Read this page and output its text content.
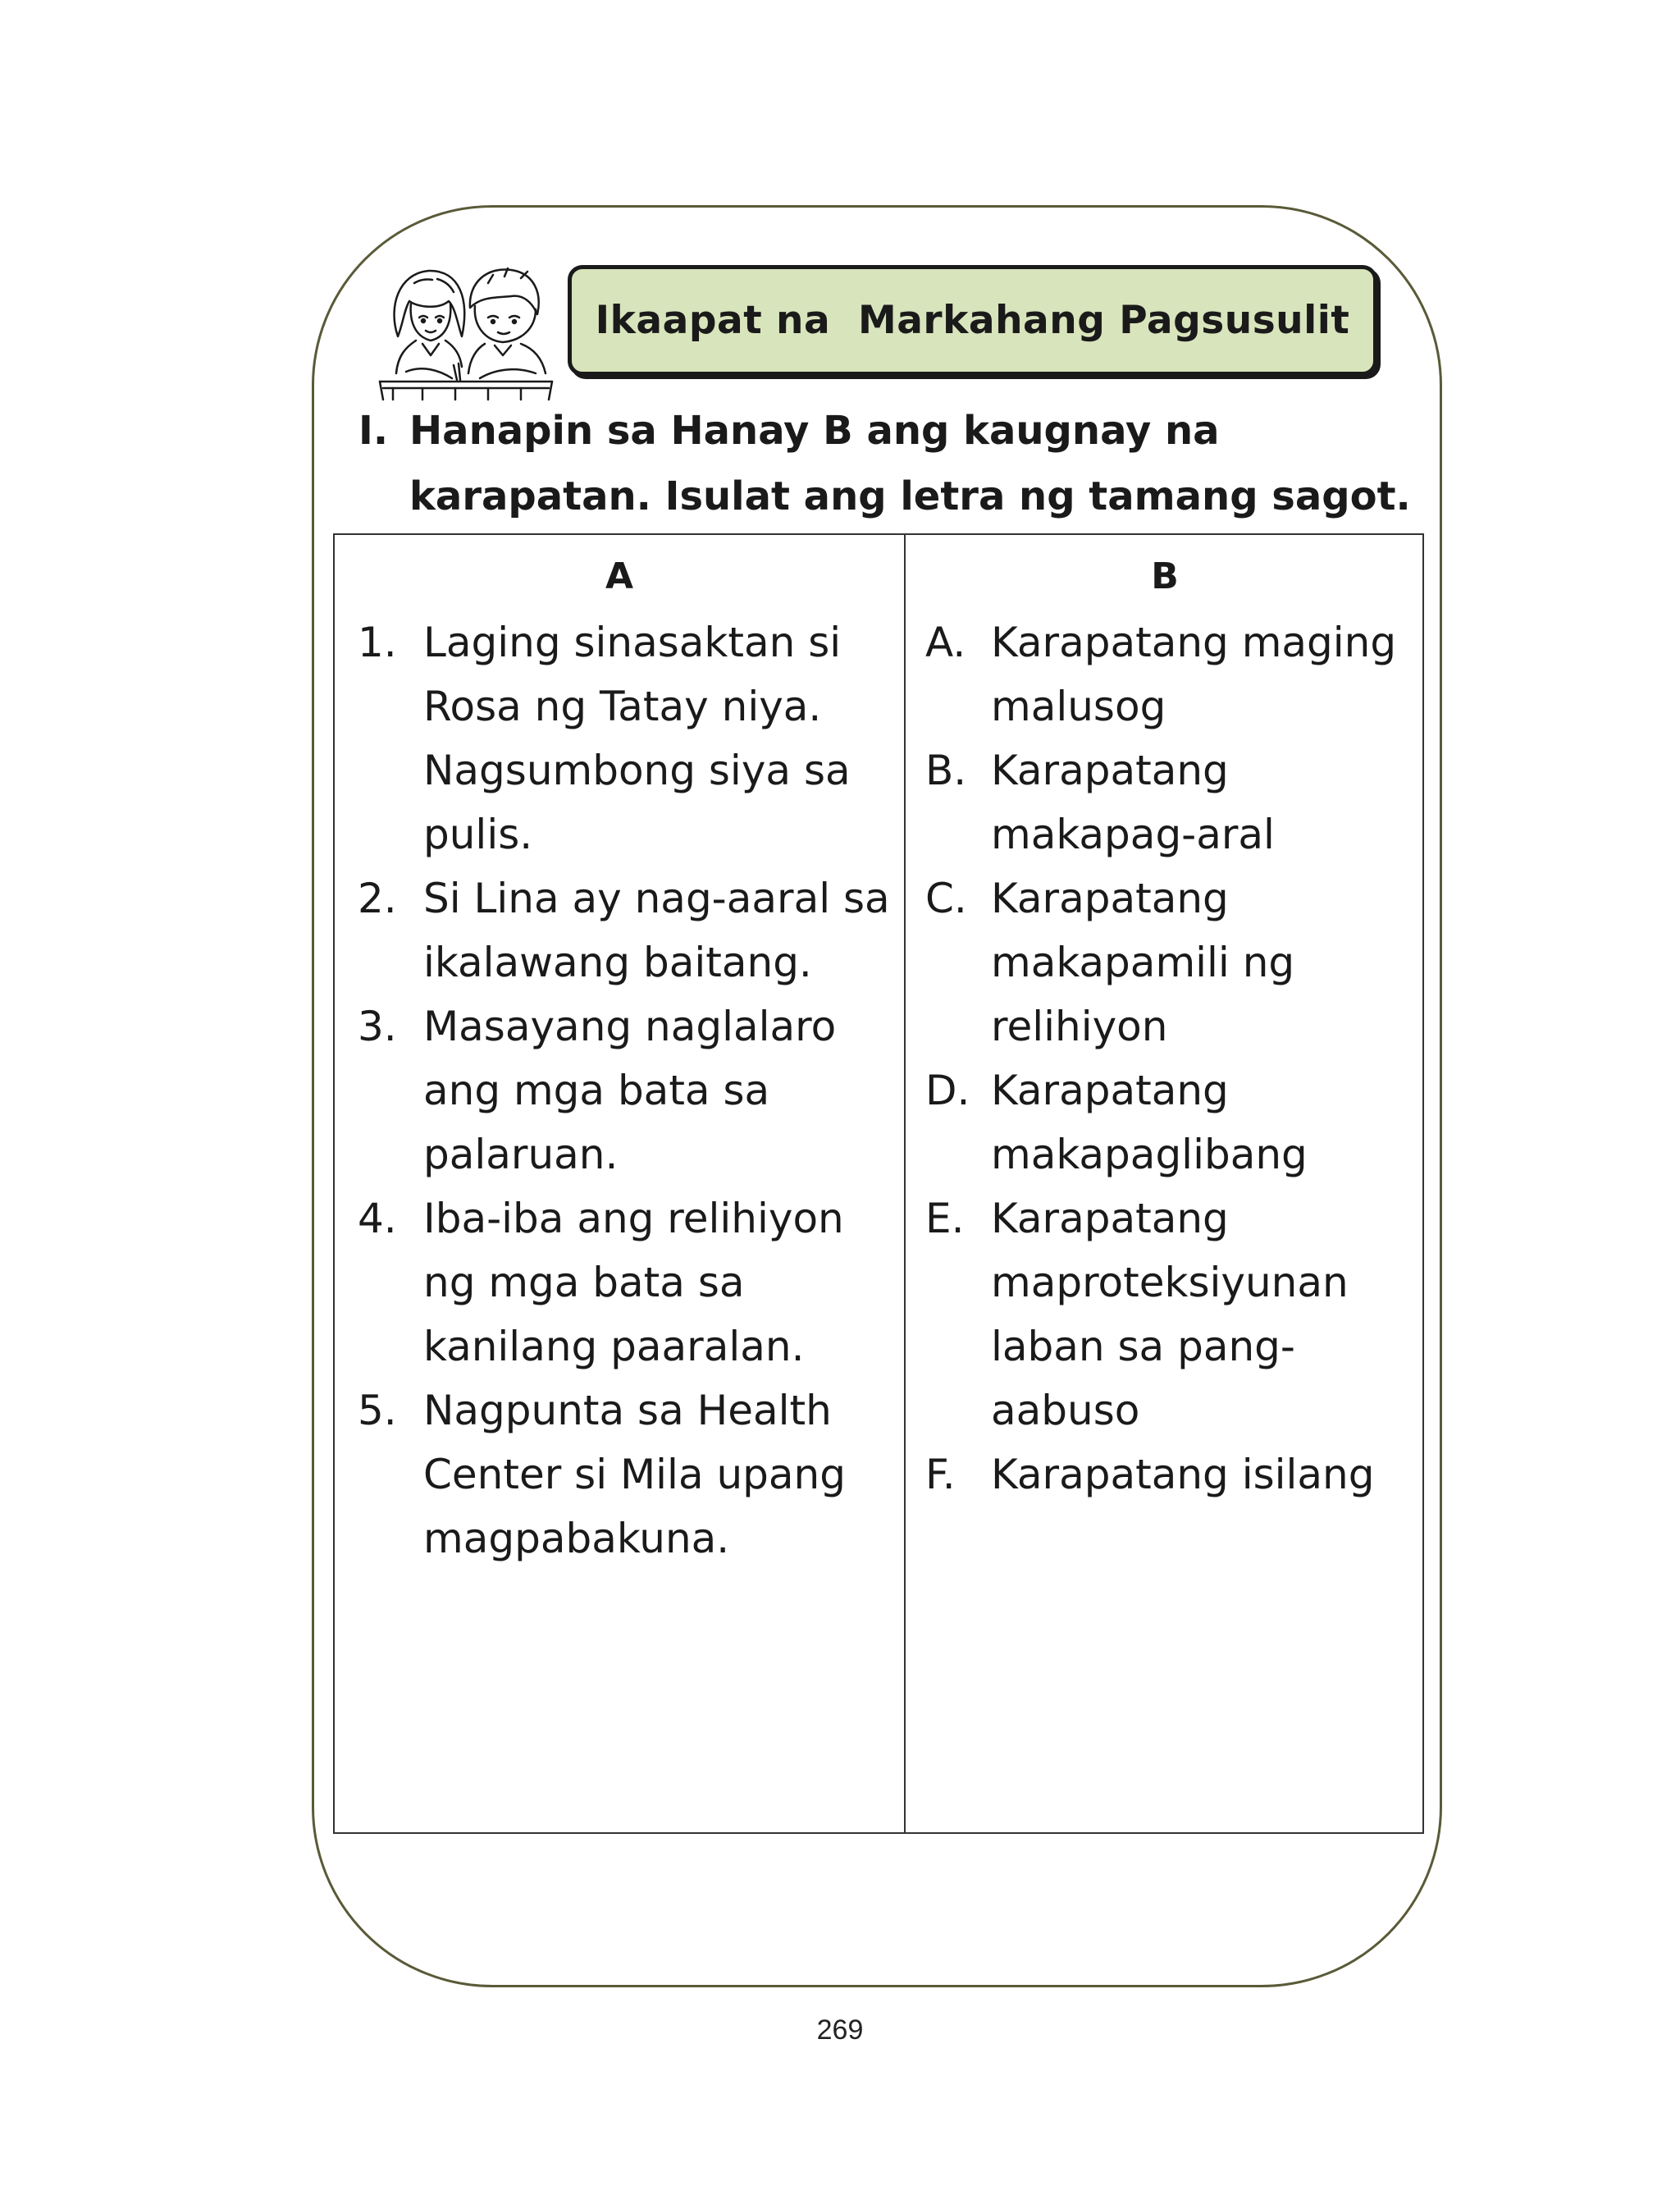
Ikaapat na  Markahang Pagsusulit
I. Hanapin sa Hanay B ang kaugnay na karapatan. Isulat ang letra ng tamang sagot.
A	B
1. Laging sinasaktan si Rosa ng Tatay niya. Nagsumbong siya sa pulis.
2. Si Lina ay nag-aaral sa ikalawang baitang.
3. Masayang naglalaro ang mga bata sa palaruan.
4. Iba-iba ang relihiyon ng mga bata sa kanilang paaralan.
5. Nagpunta sa Health Center si Mila upang magpabakuna.
A. Karapatang maging malusog
B. Karapatang makapag-aral
C. Karapatang makapamili ng relihiyon
D. Karapatang makapaglibang
E. Karapatang maproteksiyunan laban sa pang-aabuso
F. Karapatang isilang
269
